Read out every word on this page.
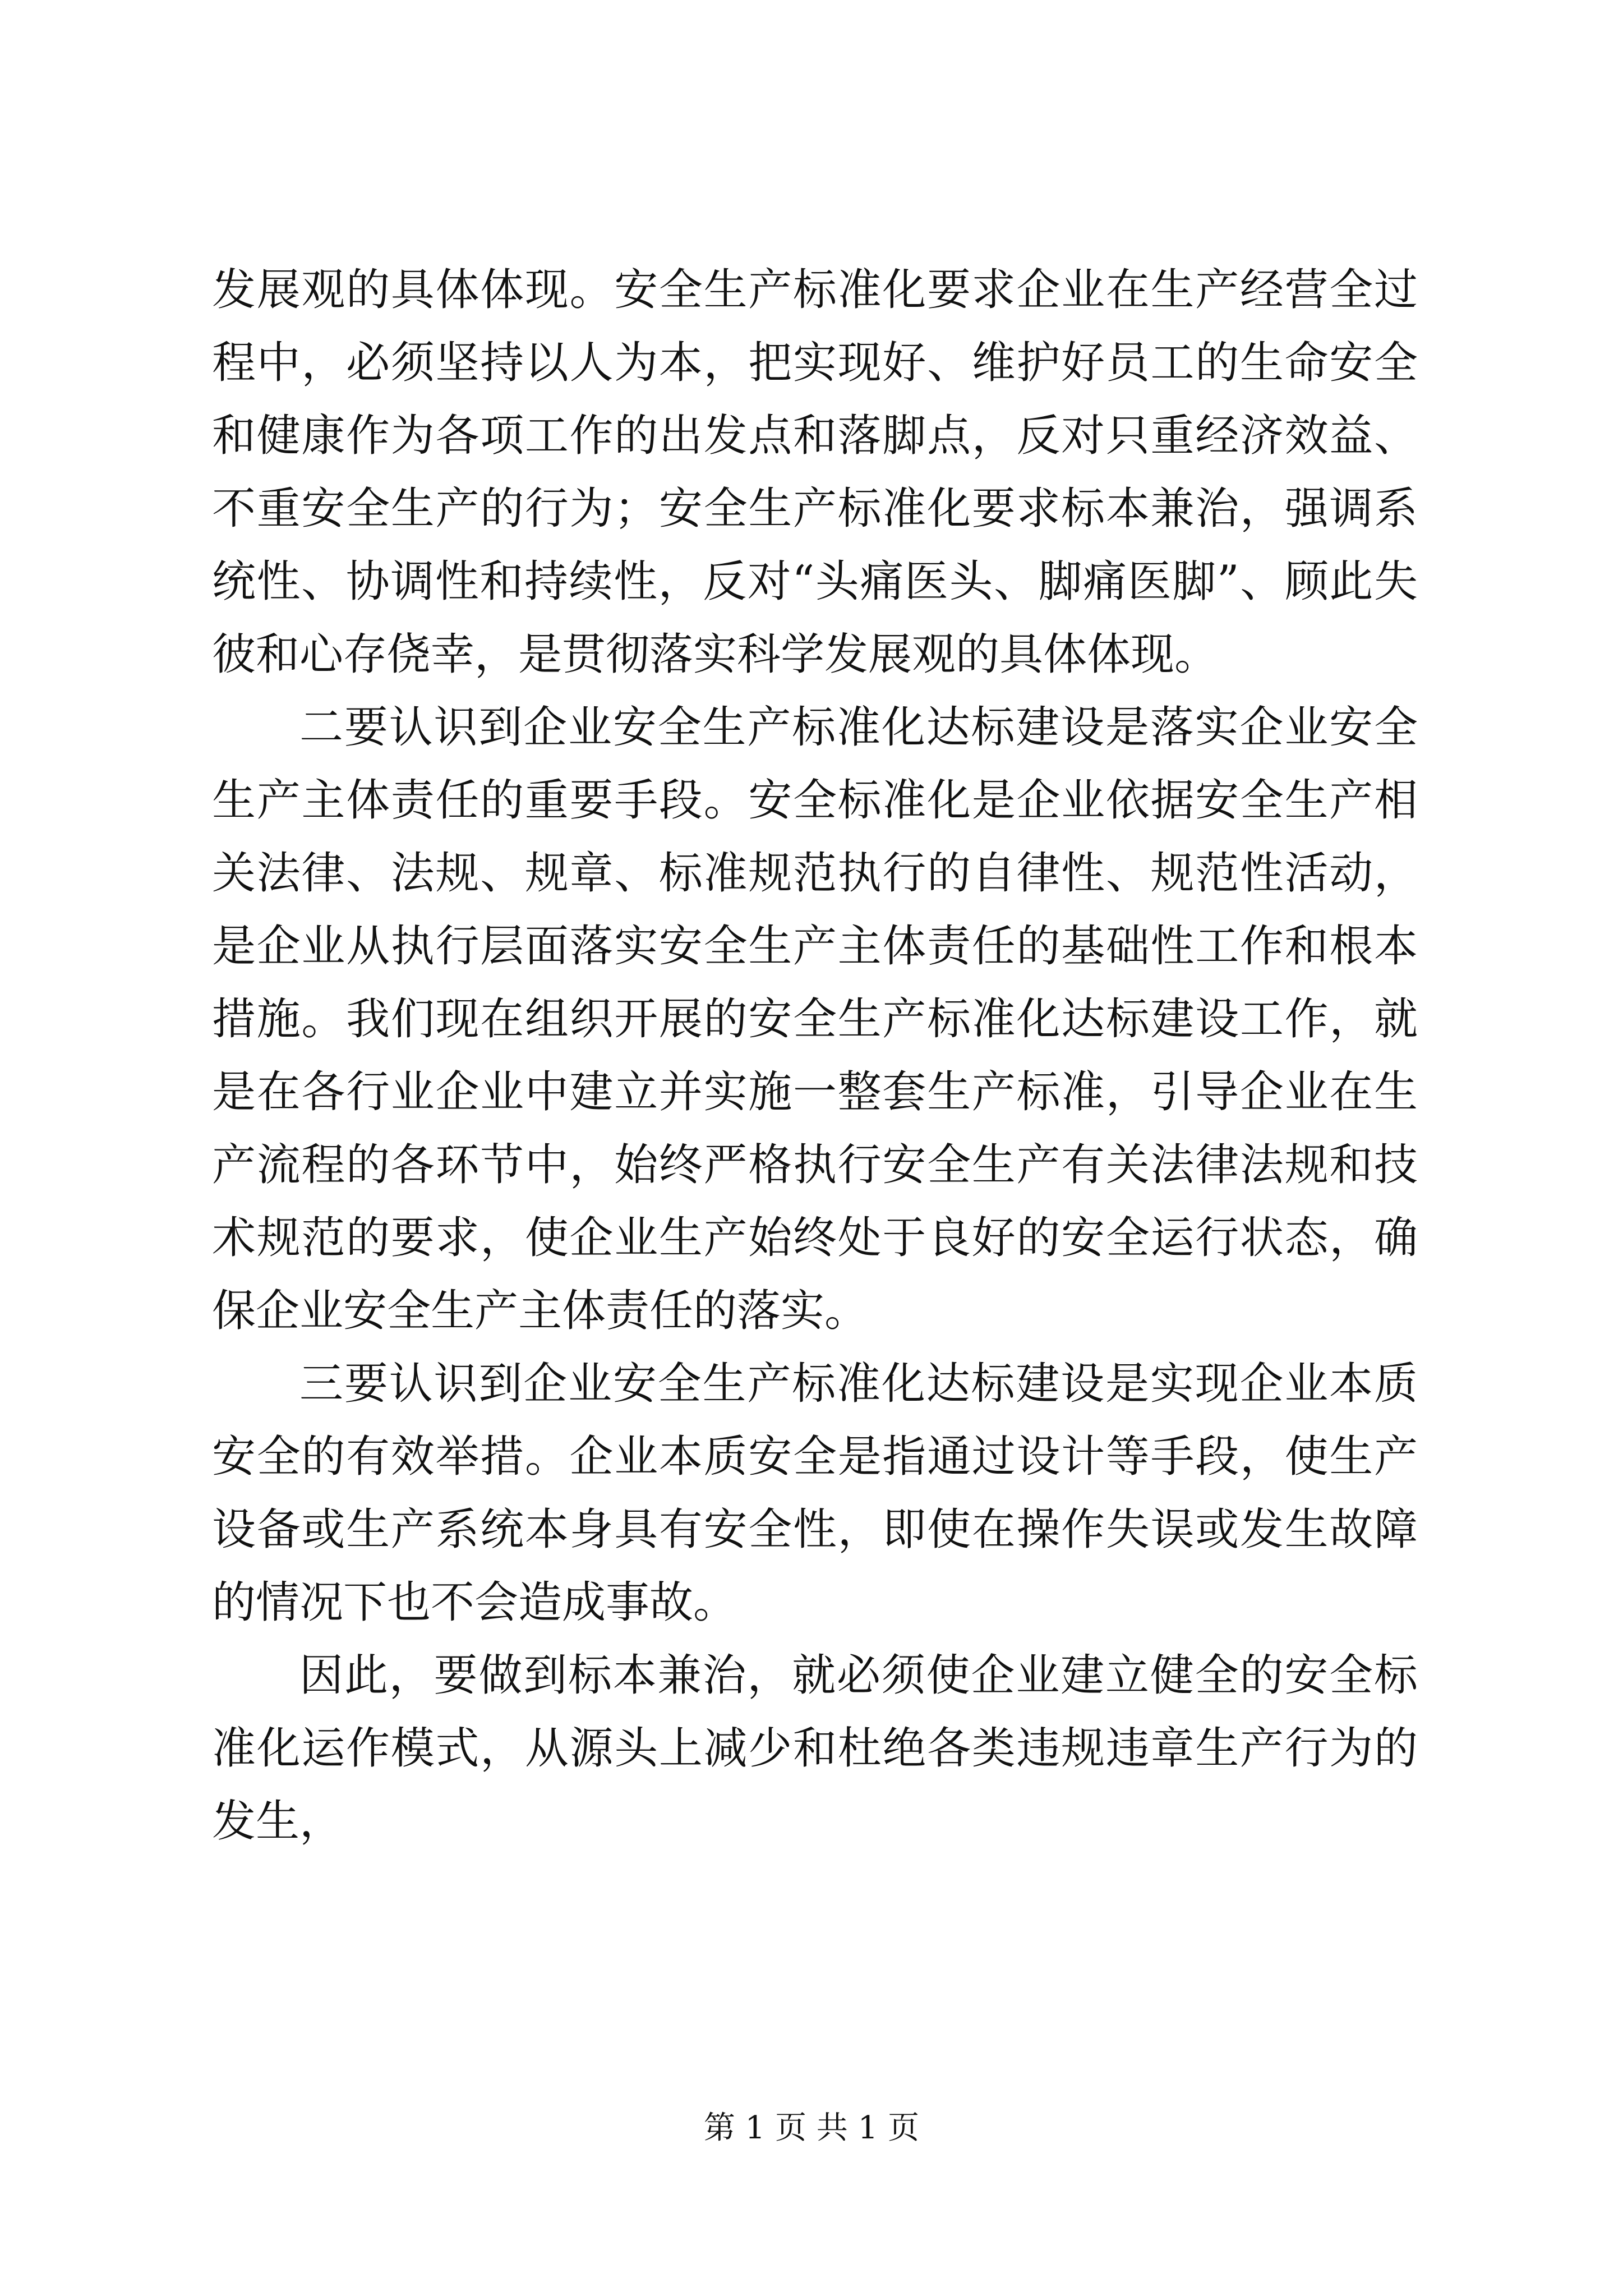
发展观的具体体现。安全生产标准化要求企业在生产经营全过程中，必须坚持以人为本，把实现好、维护好员工的生命安全和健康作为各项工作的出发点和落脚点，反对只重经济效益、不重安全生产的行为；安全生产标准化要求标本兼治，强调系统性、协调性和持续性，反对“头痛医头、脚痛医脚”、顾此失彼和心存侥幸，是贯彻落实科学发展观的具体体现。

二要认识到企业安全生产标准化达标建设是落实企业安全生产主体责任的重要手段。安全标准化是企业依据安全生产相关法律、法规、规章、标准规范执行的自律性、规范性活动，是企业从执行层面落实安全生产主体责任的基础性工作和根本措施。我们现在组织开展的安全生产标准化达标建设工作，就是在各行业企业中建立并实施一整套生产标准，引导企业在生产流程的各环节中，始终严格执行安全生产有关法律法规和技术规范的要求，使企业生产始终处于良好的安全运行状态，确保企业安全生产主体责任的落实。

三要认识到企业安全生产标准化达标建设是实现企业本质安全的有效举措。企业本质安全是指通过设计等手段，使生产设备或生产系统本身具有安全性，即使在操作失误或发生故障的情况下也不会造成事故。

因此，要做到标本兼治，就必须使企业建立健全的安全标准化运作模式，从源头上减少和杜绝各类违规违章生产行为的发生，

第 1 页 共 1 页
